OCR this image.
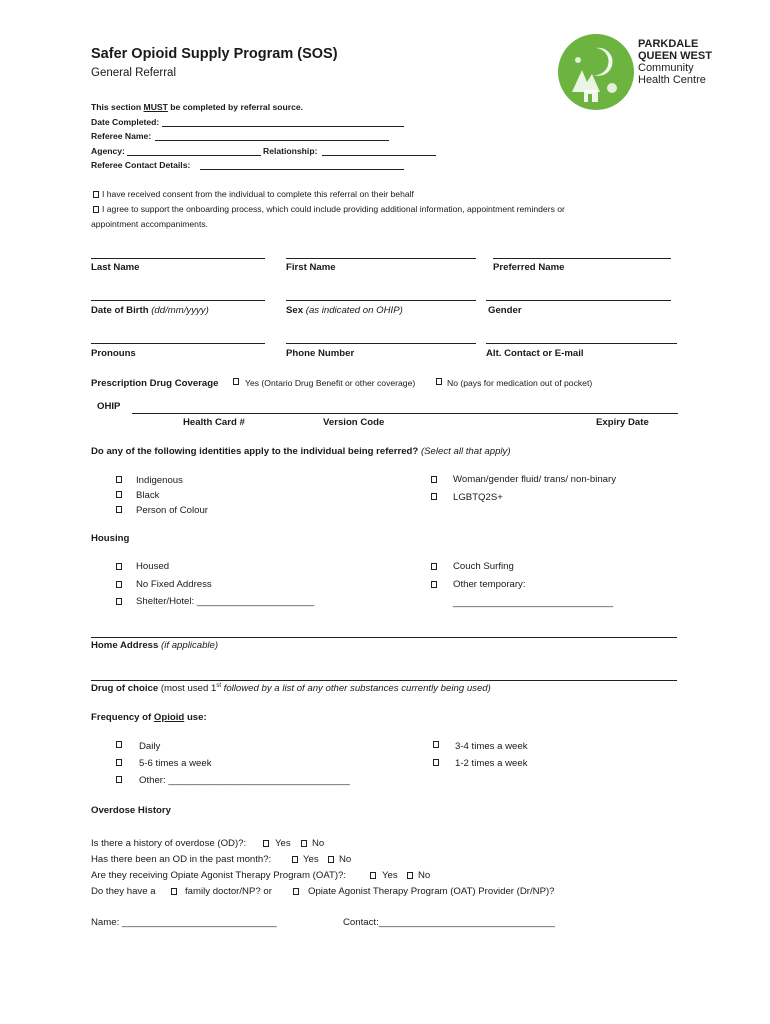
Safer Opioid Supply Program (SOS)
General Referral
PARKDALE
QUEEN WEST
Community
Health Centre
This section MUST be completed by referral source.
Date Completed:
Referee Name:
Agency:	Relationship:
Referee Contact Details:
I have received consent from the individual to complete this referral on their behalf
I agree to support the onboarding process, which could include providing additional information, appointment reminders or
appointment accompaniments.
Last Name	First Name	Preferred Name
Date of Birth (dd/mm/yyyy)	Sex (as indicated on OHIP)	Gender
Pronouns	Phone Number	Alt. Contact or E-mail
Prescription Drug Coverage	Yes (Ontario Drug Benefit or other coverage)	No (pays for medication out of pocket)
OHIP
Health Card #	Version Code	Expiry Date
Do any of the following identities apply to the individual being referred? (Select all that apply)
Indigenous
Black
Person of Colour
Woman/gender fluid/ trans/ non-binary
LGBTQ2S+
Housing
Housed
No Fixed Address
Shelter/Hotel: ______________________
Couch Surfing
Other temporary:
______________________________
Home Address (if applicable)
Drug of choice (most used 1st followed by a list of any other substances currently being used)
Frequency of Opioid use:
Daily
5-6 times a week
Other: __________________________________
3-4 times a week
1-2 times a week
Overdose History
Is there a history of overdose (OD)?:	Yes No
Has there been an OD in the past month?:	Yes No
Are they receiving Opiate Agonist Therapy Program (OAT)?:	Yes No
Do they have a	family doctor/NP? or	Opiate Agonist Therapy Program (OAT) Provider (Dr/NP)?
Name: _____________________________	Contact:_________________________________
